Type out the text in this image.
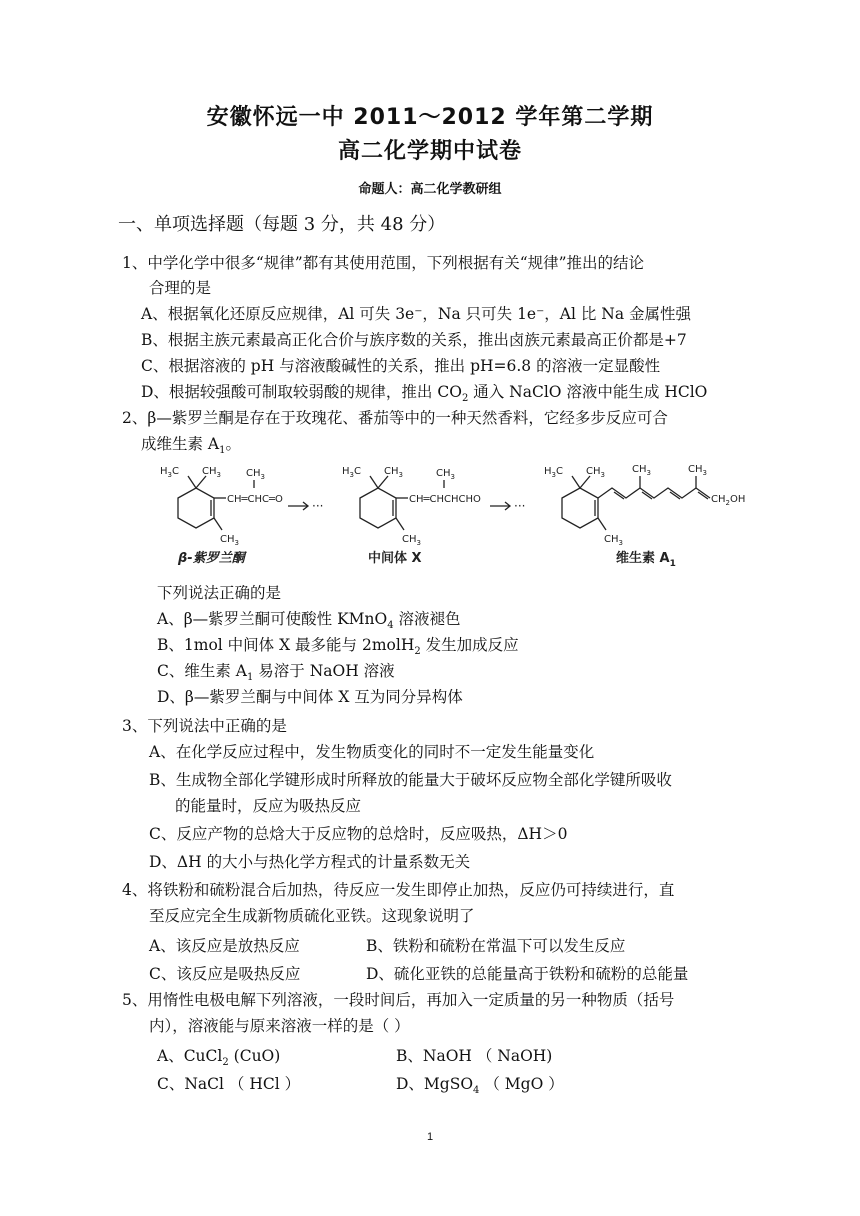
安徽怀远一中 2011～2012 学年第二学期
高二化学期中试卷
命题人：高二化学教研组
一、单项选择题（每题 3 分，共 48 分）
1、中学化学中很多“规律”都有其使用范围，下列根据有关“规律”推出的结论
合理的是
A、根据氧化还原反应规律，Al 可失 3e⁻，Na 只可失 1e⁻，Al 比 Na 金属性强
B、根据主族元素最高正化合价与族序数的关系，推出卤族元素最高正价都是+7
C、根据溶液的 pH 与溶液酸碱性的关系，推出 pH=6.8 的溶液一定显酸性
D、根据较强酸可制取较弱酸的规律，推出 $CO_2$ 通入 NaClO 溶液中能生成 HClO
2、β—紫罗兰酮是存在于玫瑰花、番茄等中的一种天然香料，它经多步反应可合
成维生素 $A_1$。
$H_3C$ $CH_3$	$CH_3$
$CH_3$
CH═CHC═O
β-紫罗兰酮
···
$H_3C$ $CH_3$	$CH_3$
$CH_3$
CH═CHCHCHO
中间体 X
···
$H_3C$ $CH_3$	$CH_3$	$CH_3$
$CH_3$
$CH_2OH$
维生素 $A_1$
下列说法正确的是
A、β—紫罗兰酮可使酸性 KMnO$_4$ 溶液褪色
B、1mol 中间体 X 最多能与 2molH$_2$ 发生加成反应
C、维生素 $A_1$ 易溶于 NaOH 溶液
D、β—紫罗兰酮与中间体 X 互为同分异构体
3、下列说法中正确的是
A、在化学反应过程中，发生物质变化的同时不一定发生能量变化
B、生成物全部化学键形成时所释放的能量大于破坏反应物全部化学键所吸收
的能量时，反应为吸热反应
C、反应产物的总焓大于反应物的总焓时，反应吸热，ΔH＞0
D、ΔH 的大小与热化学方程式的计量系数无关
4、将铁粉和硫粉混合后加热，待反应一发生即停止加热，反应仍可持续进行，直
至反应完全生成新物质硫化亚铁。这现象说明了
A、该反应是放热反应	B、铁粉和硫粉在常温下可以发生反应
C、该反应是吸热反应	D、硫化亚铁的总能量高于铁粉和硫粉的总能量
5、用惰性电极电解下列溶液，一段时间后，再加入一定质量的另一种物质（括号
内），溶液能与原来溶液一样的是（ ）
A、CuCl$_2$ (CuO)	B、NaOH （ NaOH)
C、NaCl （ HCl ）	D、MgSO$_4$ （ MgO ）
1
